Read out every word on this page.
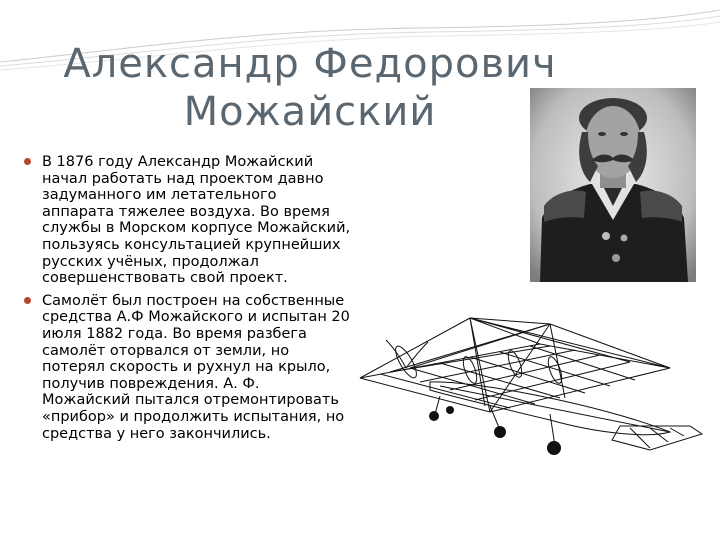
Александр Федорович
Можайский
В 1876 году Александр Можайский начал работать над проектом давно задуманного им летательного аппарата тяжелее воздуха. Во время службы в Морском корпусе Можайский, пользуясь консультацией крупнейших русских учёных, продолжал совершенствовать свой проект.
Самолёт был построен на собственные средства А.Ф Можайского и испытан 20 июля 1882 года. Во время разбега самолёт оторвался от земли, но потерял скорость и рухнул на крыло, получив повреждения. А. Ф. Можайский пытался отремонтировать «прибор» и продолжить испытания, но средства у него закончились.
